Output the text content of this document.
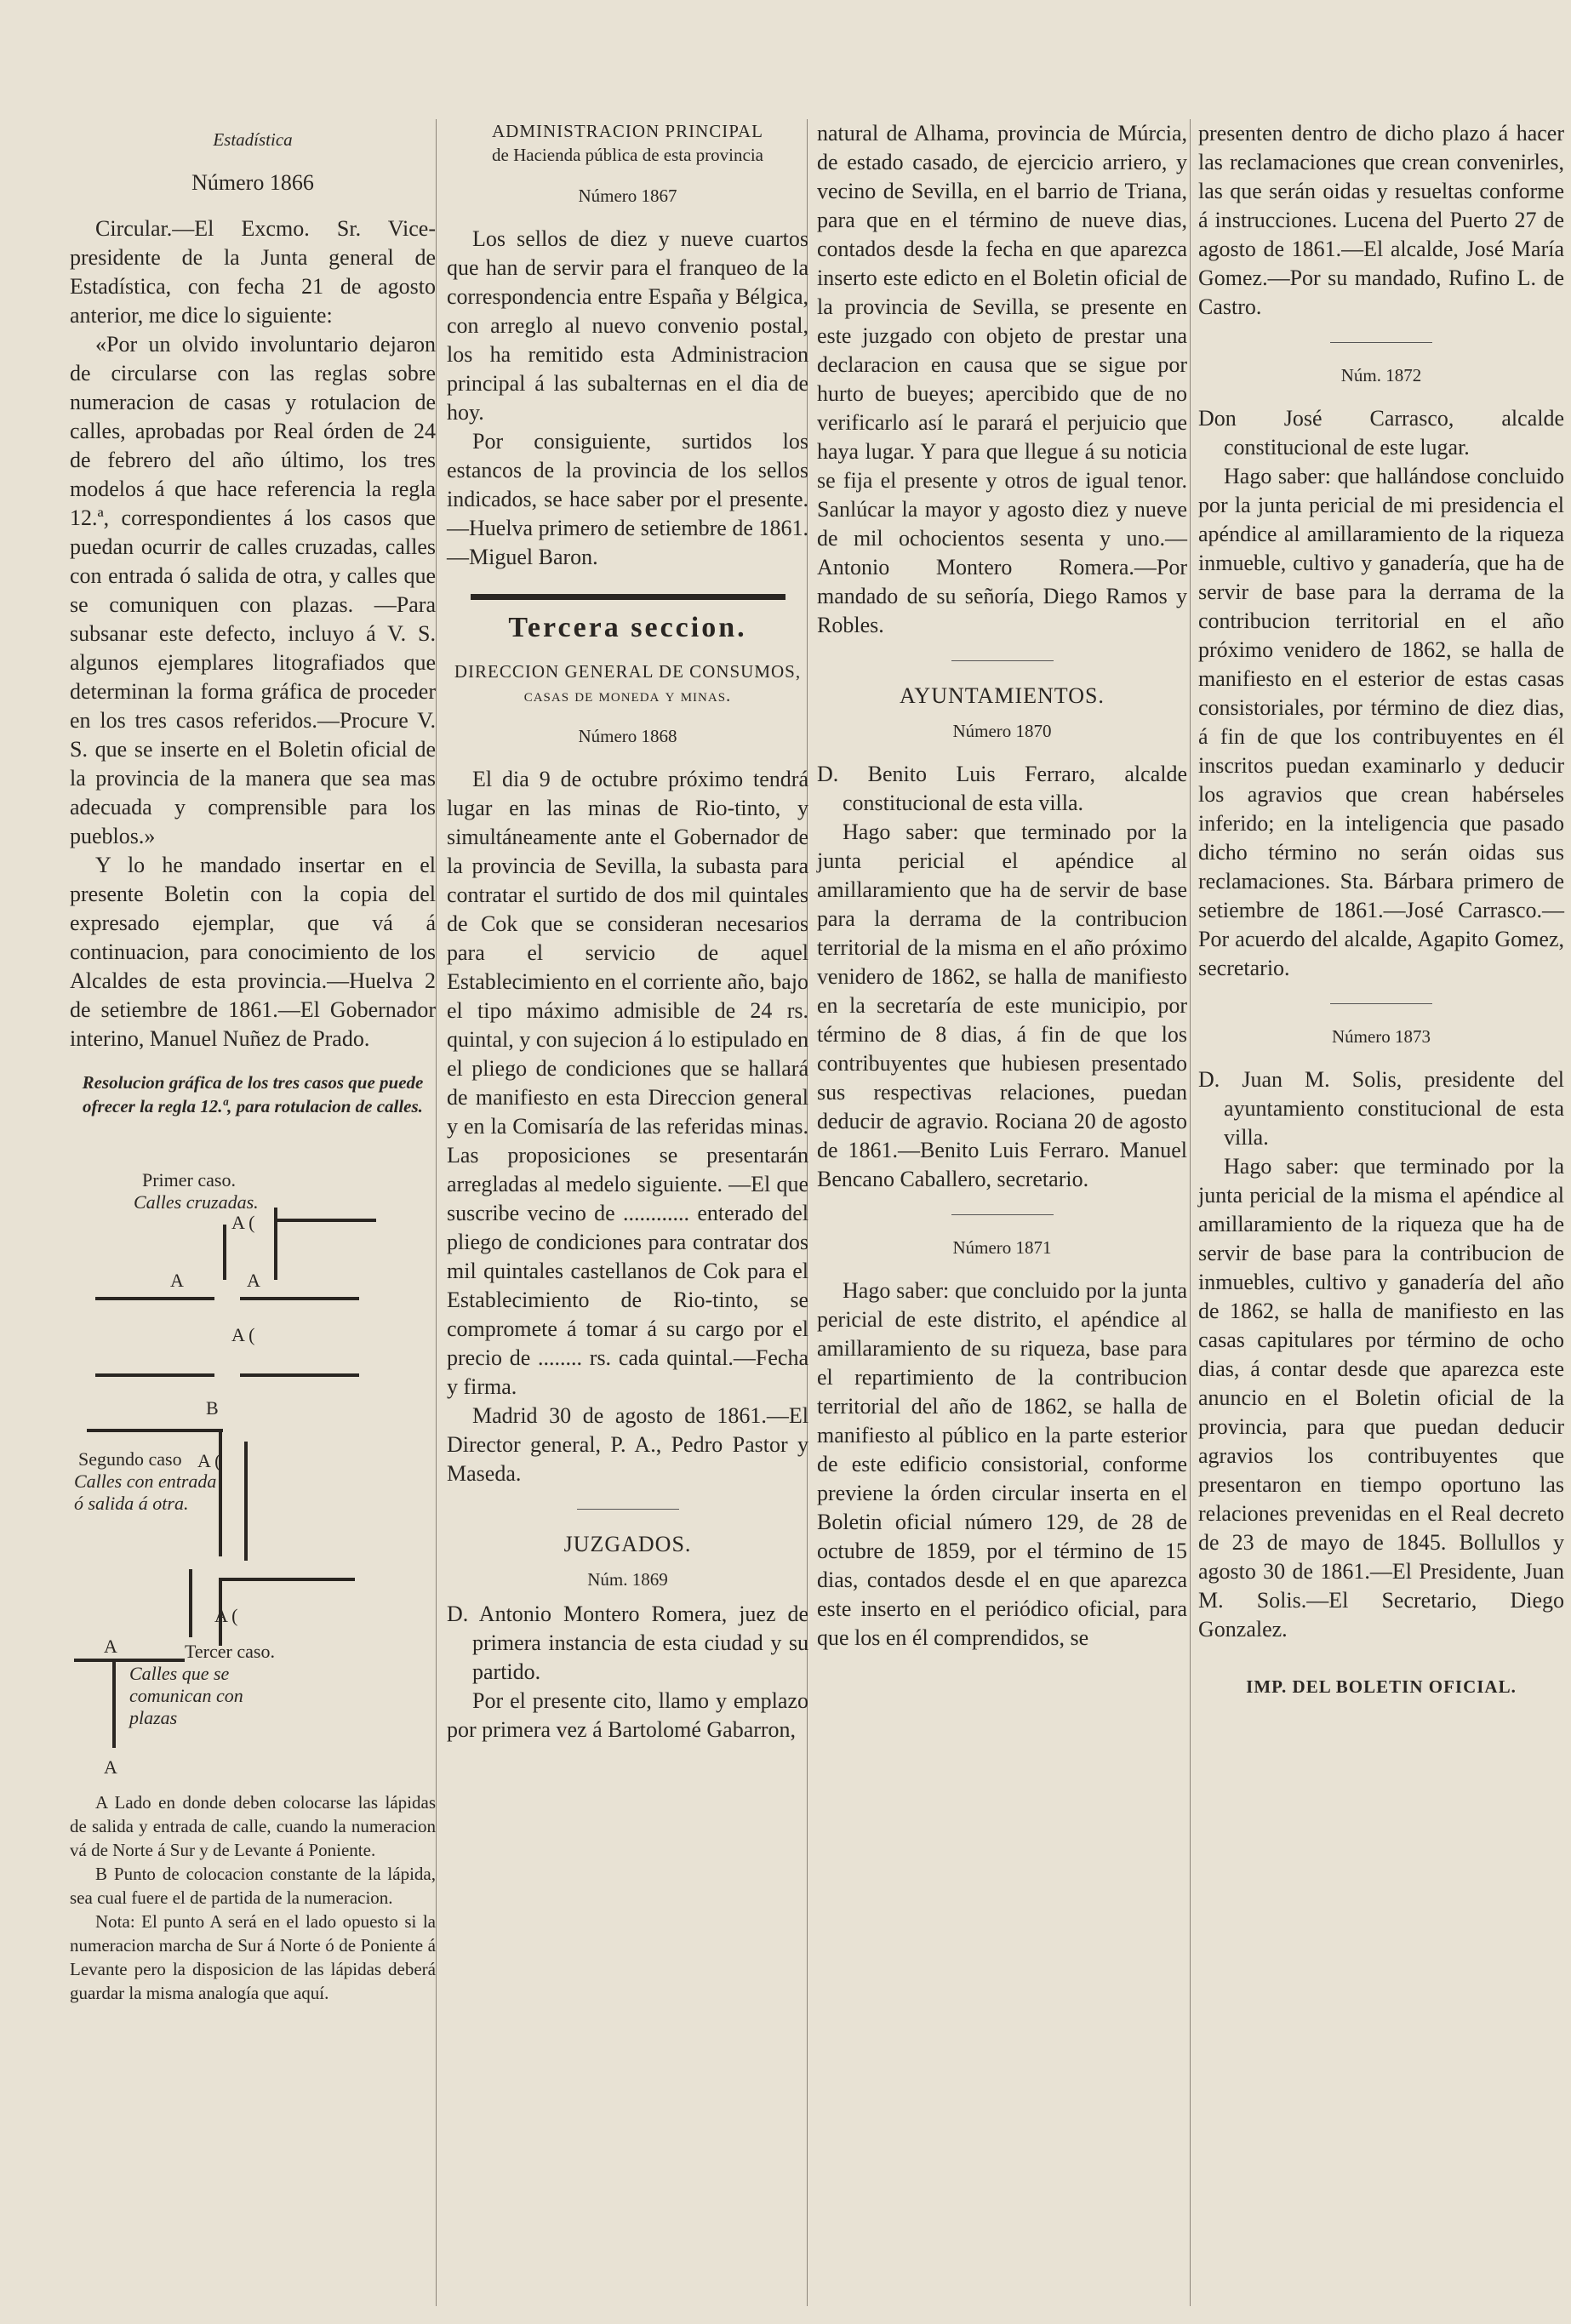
Estadística

Número 1866

Circular.—El Excmo. Sr. Vice-presidente de la Junta general de Estadística, con fecha 21 de agosto anterior, me dice lo siguiente:

«Por un olvido involuntario dejaron de circularse con las reglas sobre numeracion de casas y rotulacion de calles, aprobadas por Real órden de 24 de febrero del año último, los tres modelos á que hace referencia la regla 12.ª, correspondientes á los casos que puedan ocurrir de calles cruzadas, calles con entrada ó salida de otra, y calles que se comuniquen con plazas. —Para subsanar este defecto, incluyo á V. S. algunos ejemplares litografiados que determinan la forma gráfica de proceder en los tres casos referidos.—Procure V. S. que se inserte en el Boletin oficial de la provincia de la manera que sea mas adecuada y comprensible para los pueblos.»

Y lo he mandado insertar en el presente Boletin con la copia del expresado ejemplar, que vá á continuacion, para conocimiento de los Alcaldes de esta provincia.—Huelva 2 de setiembre de 1861.—El Gobernador interino, Manuel Nuñez de Prado.

Resolucion gráfica de los tres casos que puede ofrecer la regla 12.ª, para rotulacion de calles.

Primer caso.
Calles cruzadas.
A (
A	A
A (
B
Segundo caso
Calles con entrada ó salida á otra.
A (
A (
A	Tercer caso.
Calles que se comunican con plazas
A

A Lado en donde deben colocarse las lápidas de salida y entrada de calle, cuando la numeracion vá de Norte á Sur y de Levante á Poniente.

B Punto de colocacion constante de la lápida, sea cual fuere el de partida de la numeracion.

Nota: El punto A será en el lado opuesto si la numeracion marcha de Sur á Norte ó de Poniente á Levante pero la disposicion de las lápidas deberá guardar la misma analogía que aquí.

ADMINISTRACION PRINCIPAL

de Hacienda pública de esta provincia

Número 1867

Los sellos de diez y nueve cuartos que han de servir para el franqueo de la correspondencia entre España y Bélgica, con arreglo al nuevo convenio postal, los ha remitido esta Administracion principal á las subalternas en el dia de hoy.

Por consiguiente, surtidos los estancos de la provincia de los sellos indicados, se hace saber por el presente.—Huelva primero de setiembre de 1861.—Miguel Baron.

Tercera seccion.

DIRECCION GENERAL DE CONSUMOS, casas de moneda y minas.

Número 1868

El dia 9 de octubre próximo tendrá lugar en las minas de Rio-tinto, y simultáneamente ante el Gobernador de la provincia de Sevilla, la subasta para contratar el surtido de dos mil quintales de Cok que se consideran necesarios para el servicio de aquel Establecimiento en el corriente año, bajo el tipo máximo admisible de 24 rs. quintal, y con sujecion á lo estipulado en el pliego de condiciones que se hallará de manifiesto en esta Direccion general y en la Comisaría de las referidas minas. Las proposiciones se presentarán arregladas al medelo siguiente. —El que suscribe vecino de ............ enterado del pliego de condiciones para contratar dos mil quintales castellanos de Cok para el Establecimiento de Rio-tinto, se compromete á tomar á su cargo por el precio de ........ rs. cada quintal.—Fecha y firma.

Madrid 30 de agosto de 1861.—El Director general, P. A., Pedro Pastor y Maseda.

JUZGADOS.

Núm. 1869

D. Antonio Montero Romera, juez de primera instancia de esta ciudad y su partido.

Por el presente cito, llamo y emplazo por primera vez á Bartolomé Gabarron,

natural de Alhama, provincia de Múrcia, de estado casado, de ejercicio arriero, y vecino de Sevilla, en el barrio de Triana, para que en el término de nueve dias, contados desde la fecha en que aparezca inserto este edicto en el Boletin oficial de la provincia de Sevilla, se presente en este juzgado con objeto de prestar una declaracion en causa que se sigue por hurto de bueyes; apercibido que de no verificarlo así le parará el perjuicio que haya lugar. Y para que llegue á su noticia se fija el presente y otros de igual tenor. Sanlúcar la mayor y agosto diez y nueve de mil ochocientos sesenta y uno.—Antonio Montero Romera.—Por mandado de su señoría, Diego Ramos y Robles.

AYUNTAMIENTOS.

Número 1870

D. Benito Luis Ferraro, alcalde constitucional de esta villa.

Hago saber: que terminado por la junta pericial el apéndice al amillaramiento que ha de servir de base para la derrama de la contribucion territorial de la misma en el año próximo venidero de 1862, se halla de manifiesto en la secretaría de este municipio, por término de 8 dias, á fin de que los contribuyentes que hubiesen presentado sus respectivas relaciones, puedan deducir de agravio. Rociana 20 de agosto de 1861.—Benito Luis Ferraro. Manuel Bencano Caballero, secretario.

Número 1871

Hago saber: que concluido por la junta pericial de este distrito, el apéndice al amillaramiento de su riqueza, base para el repartimiento de la contribucion territorial del año de 1862, se halla de manifiesto al público en la parte esterior de este edificio consistorial, conforme previene la órden circular inserta en el Boletin oficial número 129, de 28 de octubre de 1859, por el término de 15 dias, contados desde el en que aparezca este inserto en el periódico oficial, para que los en él comprendidos, se

presenten dentro de dicho plazo á hacer las reclamaciones que crean convenirles, las que serán oidas y resueltas conforme á instrucciones. Lucena del Puerto 27 de agosto de 1861.—El alcalde, José María Gomez.—Por su mandado, Rufino L. de Castro.

Núm. 1872

Don José Carrasco, alcalde constitucional de este lugar.

Hago saber: que hallándose concluido por la junta pericial de mi presidencia el apéndice al amillaramiento de la riqueza inmueble, cultivo y ganadería, que ha de servir de base para la derrama de la contribucion territorial en el año próximo venidero de 1862, se halla de manifiesto en el esterior de estas casas consistoriales, por término de diez dias, á fin de que los contribuyentes en él inscritos puedan examinarlo y deducir los agravios que crean habérseles inferido; en la inteligencia que pasado dicho término no serán oidas sus reclamaciones. Sta. Bárbara primero de setiembre de 1861.—José Carrasco.—Por acuerdo del alcalde, Agapito Gomez, secretario.

Número 1873

D. Juan M. Solis, presidente del ayuntamiento constitucional de esta villa.

Hago saber: que terminado por la junta pericial de la misma el apéndice al amillaramiento de la riqueza que ha de servir de base para la contribucion de inmuebles, cultivo y ganadería del año de 1862, se halla de manifiesto en las casas capitulares por término de ocho dias, á contar desde que aparezca este anuncio en el Boletin oficial de la provincia, para que puedan deducir agravios los contribuyentes que presentaron en tiempo oportuno las relaciones prevenidas en el Real decreto de 23 de mayo de 1845. Bollullos y agosto 30 de 1861.—El Presidente, Juan M. Solis.—El Secretario, Diego Gonzalez.

IMP. DEL BOLETIN OFICIAL.
